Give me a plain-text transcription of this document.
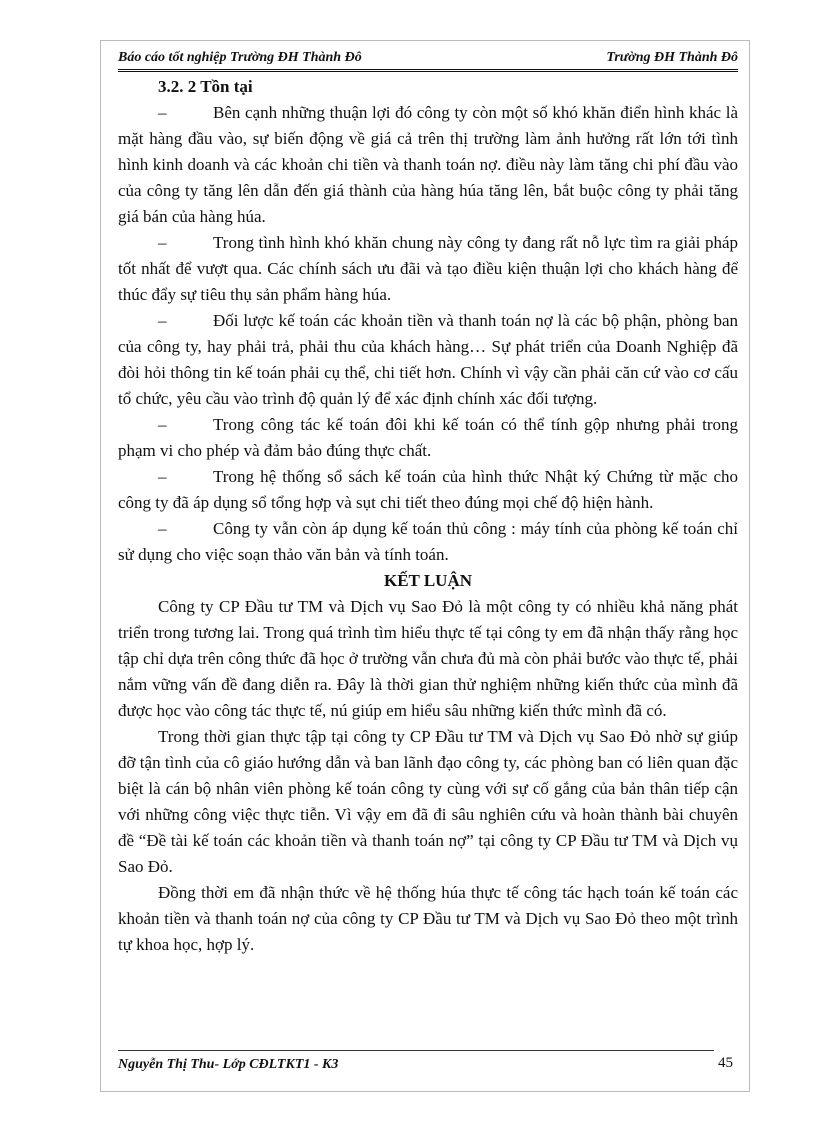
Báo cáo tốt nghiệp Trường ĐH Thành Đô	Trường ĐH Thành Đô

3.2. 2 Tồn tại

–	Bên cạnh những thuận lợi đó công ty còn một số khó khăn điển hình khác là mặt hàng đầu vào, sự biến động về giá cả trên thị trường làm ảnh hưởng rất lớn tới tình hình kinh doanh và các khoản chi tiền và thanh toán nợ. điều này làm tăng chi phí đầu vào của công ty tăng lên dẫn đến giá thành của hàng húa tăng lên, bắt buộc công ty phải tăng giá bán của hàng húa.

–	Trong tình hình khó khăn chung này công ty đang rất nỗ lực tìm ra giải pháp tốt nhất để vượt qua. Các chính sách ưu đãi và tạo điều kiện thuận lợi cho khách hàng để thúc đẩy sự tiêu thụ sản phẩm hàng húa.

–	Đối lược kế toán các khoản tiền và thanh toán nợ là các bộ phận, phòng ban của công ty, hay phải trả, phải thu của khách hàng… Sự phát triển của Doanh Nghiệp đã đòi hỏi thông tin kế toán phải cụ thể, chi tiết hơn. Chính vì vậy cần phải căn cứ vào cơ cấu tổ chức, yêu cầu vào trình độ quản lý để xác định chính xác đối tượng.

–	Trong công tác kế toán đôi khi kế toán có thể tính gộp nhưng phải trong phạm vi cho phép và đảm bảo đúng thực chất.

–	Trong hệ thống sổ sách kế toán của hình thức Nhật ký Chứng từ mặc cho công ty đã áp dụng sổ tổng hợp và sụt chi tiết theo đúng mọi chế độ hiện hành.

–	Công ty vẫn còn áp dụng kế toán thủ công : máy tính của phòng kế toán chỉ sử dụng cho việc soạn thảo văn bản và tính toán.

KẾT LUẬN

Công ty CP Đầu tư TM và Dịch vụ Sao Đỏ là một công ty có nhiều khả năng phát triển trong tương lai. Trong quá trình tìm hiểu thực tế tại công ty em đã nhận thấy rằng học tập chỉ dựa trên công thức đã học ở trường vẫn chưa đủ mà còn phải bước vào thực tế, phải nắm vững vấn đề đang diễn ra. Đây là thời gian thử nghiệm những kiến thức của mình đã được học vào công tác thực tế, nú giúp em hiểu sâu những kiến thức mình đã có.

Trong thời gian thực tập tại công ty CP Đầu tư TM và Dịch vụ Sao Đỏ nhờ sự giúp đỡ tận tình của cô giáo hướng dẫn và ban lãnh đạo công ty, các phòng ban có liên quan đặc biệt là cán bộ nhân viên phòng kế toán công ty cùng với sự cố gắng của bản thân tiếp cận với những công việc thực tiễn. Vì vậy em đã đi sâu nghiên cứu và hoàn thành bài chuyên đề “Đề tài kế toán các khoản tiền và thanh toán nợ” tại công ty CP Đầu tư TM và Dịch vụ Sao Đỏ.

Đồng thời em đã nhận thức về hệ thống húa thực tế công tác hạch toán kế toán các khoản tiền và thanh toán nợ của công ty CP Đầu tư TM và Dịch vụ Sao Đỏ theo một trình tự khoa học, hợp lý.

Nguyễn Thị Thu- Lớp CĐLTKT1 - K3	45
